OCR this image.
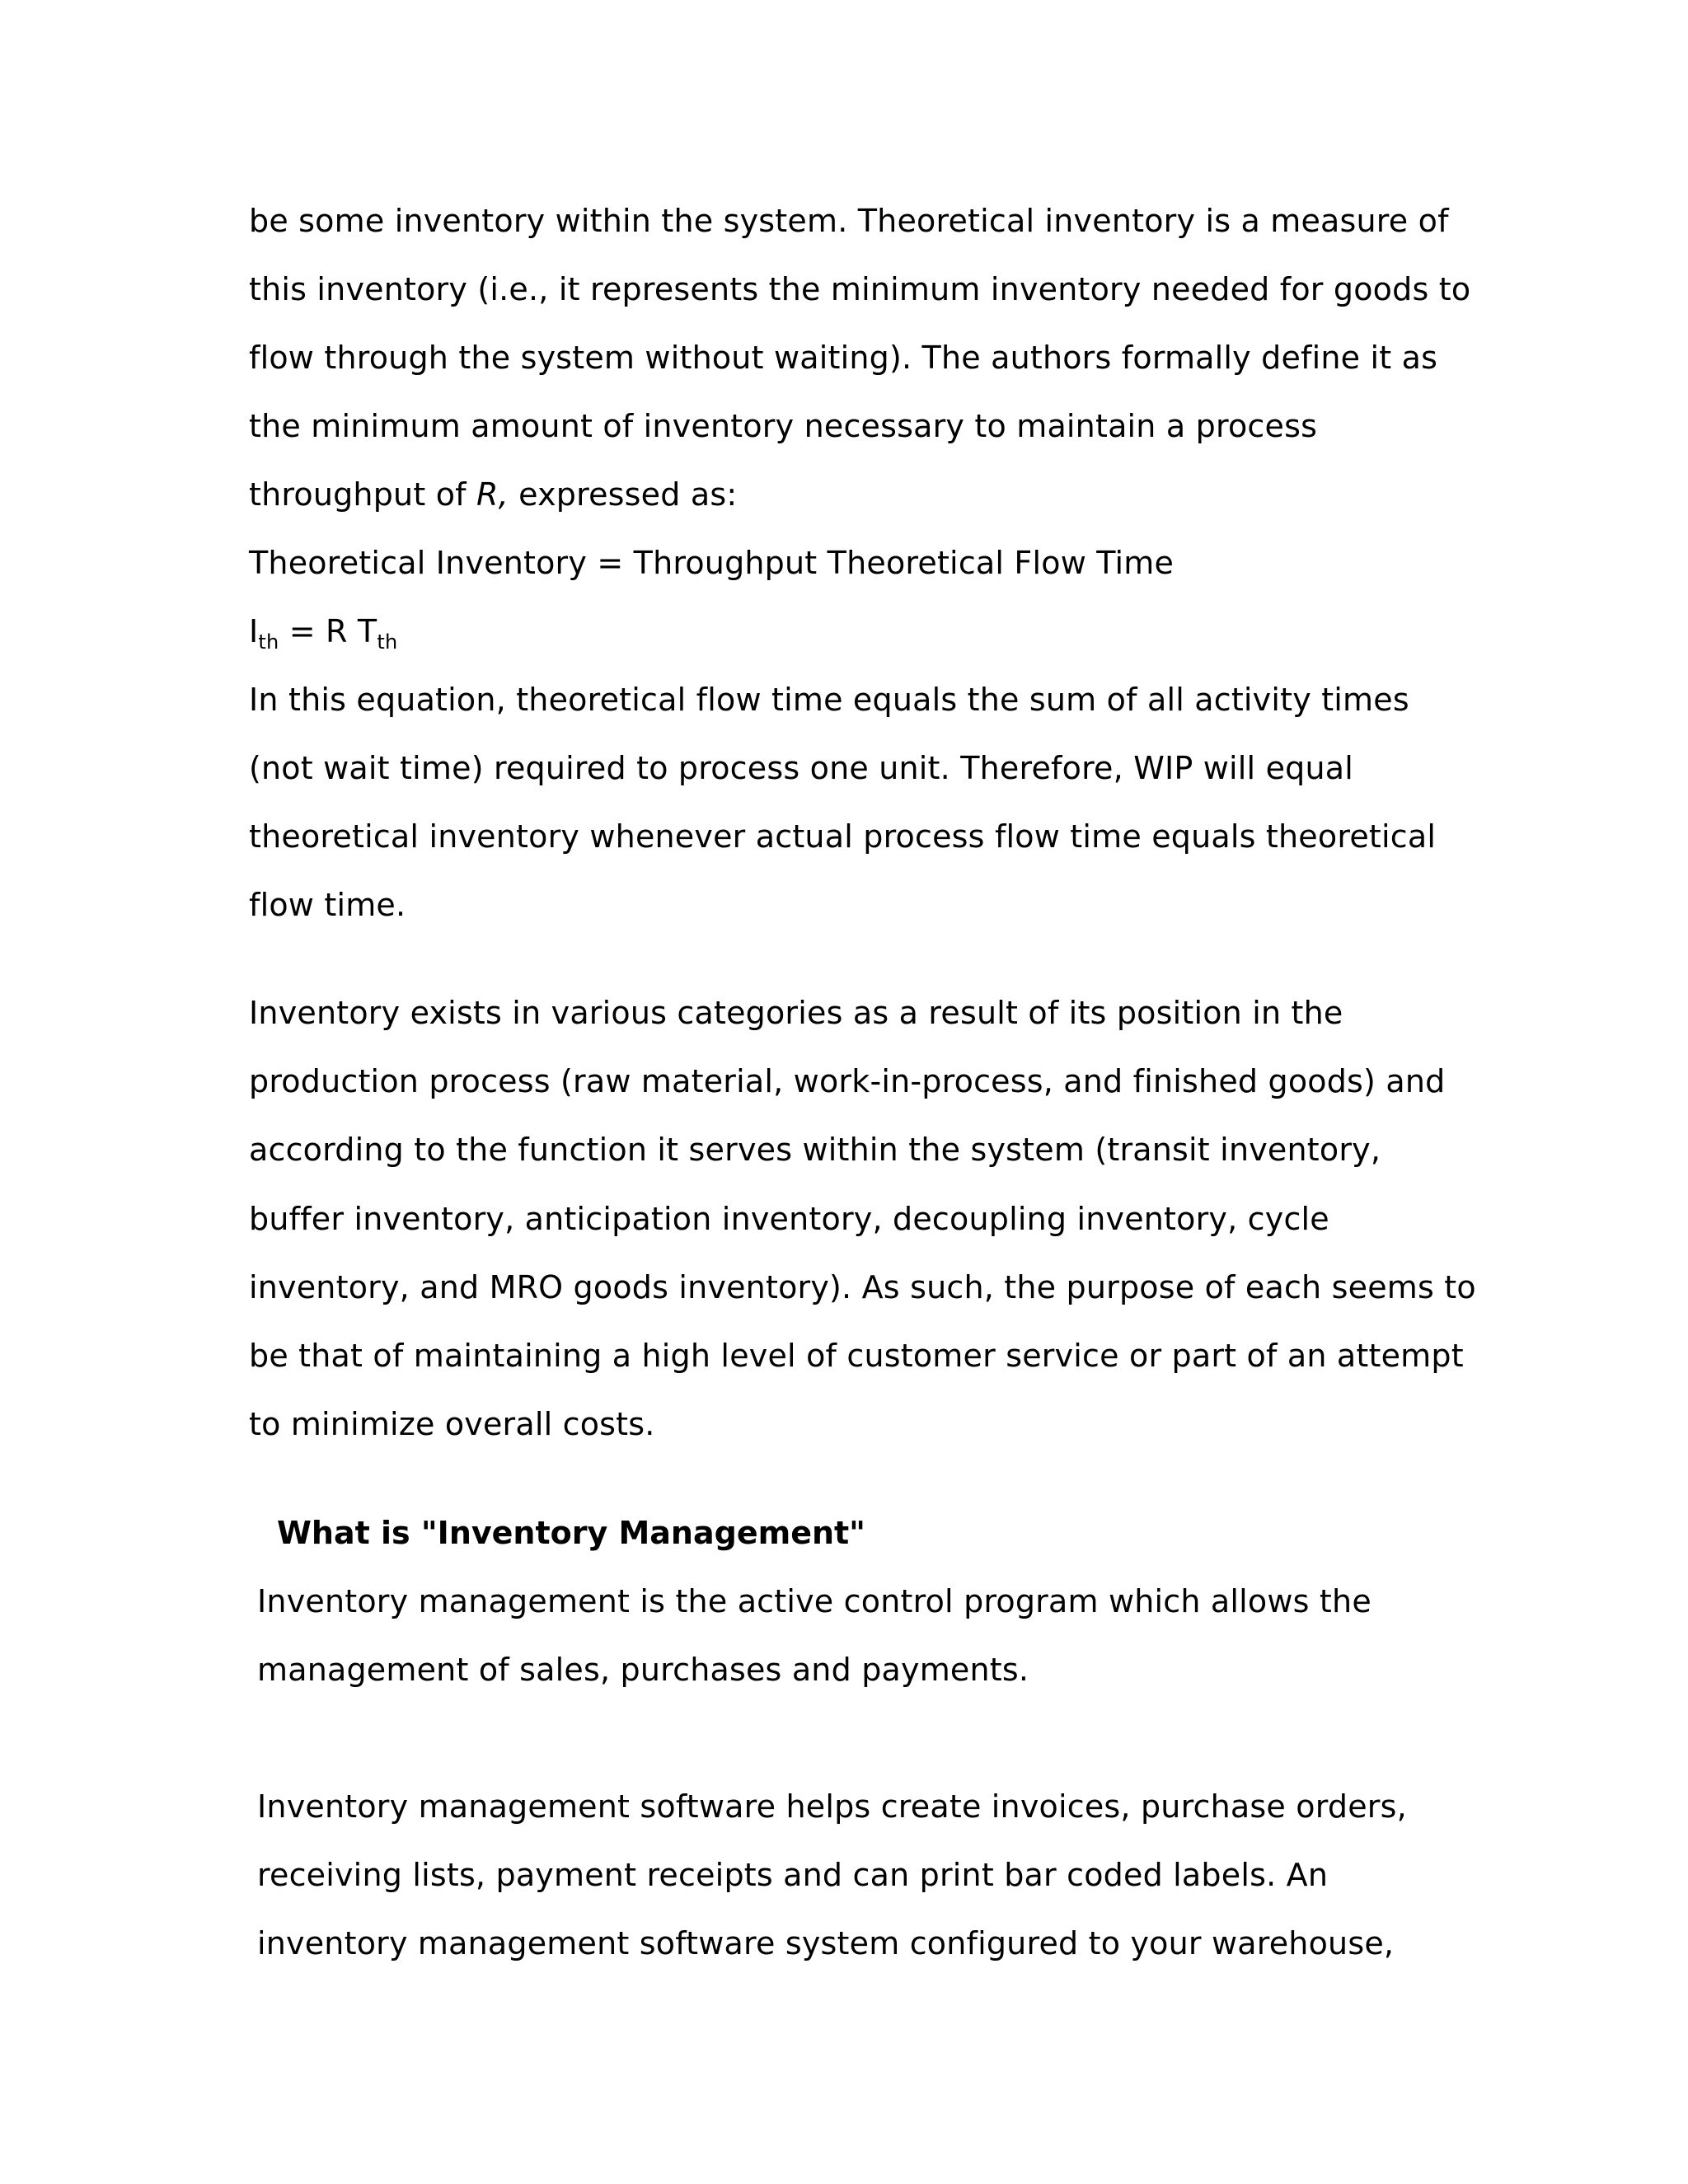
be some inventory within the system. Theoretical inventory is a measure of
this inventory (i.e., it represents the minimum inventory needed for goods to
flow through the system without waiting). The authors formally define it as
the minimum amount of inventory necessary to maintain a process
throughput of R, expressed as:
Theoretical Inventory = Throughput Theoretical Flow Time
$I_{th} = R$ $T_{th}$
In this equation, theoretical flow time equals the sum of all activity times
(not wait time) required to process one unit. Therefore, WIP will equal
theoretical inventory whenever actual process flow time equals theoretical
flow time.
Inventory exists in various categories as a result of its position in the
production process (raw material, work-in-process, and finished goods) and
according to the function it serves within the system (transit inventory,
buffer inventory, anticipation inventory, decoupling inventory, cycle
inventory, and MRO goods inventory). As such, the purpose of each seems to
be that of maintaining a high level of customer service or part of an attempt
to minimize overall costs.
What is "Inventory Management"
Inventory management is the active control program which allows the
management of sales, purchases and payments.
Inventory management software helps create invoices, purchase orders,
receiving lists, payment receipts and can print bar coded labels. An
inventory management software system configured to your warehouse,
